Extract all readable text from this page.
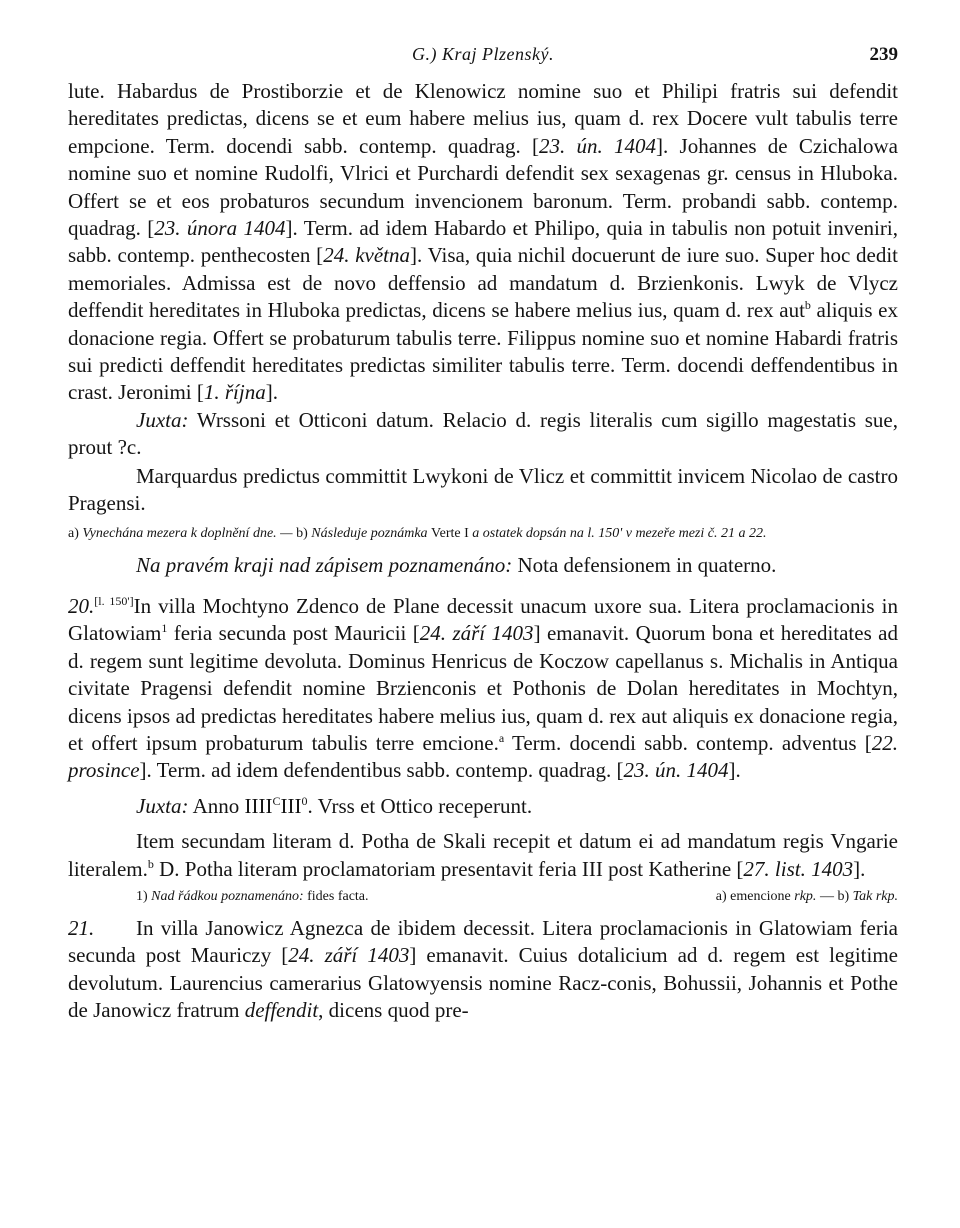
G.) Kraj Plzenský.	239

lute. Habardus de Prostiborzie et de Klenowicz nomine suo et Philipi fratris sui defendit hereditates predictas, dicens se et eum habere melius ius, quam d. rex Docere vult tabulis terre empcione. Term. docendi sabb. contemp. quadrag. [23. ún. 1404]. Johannes de Czichalowa nomine suo et nomine Rudolfi, Vlrici et Purchardi defendit sex sexagenas gr. census in Hluboka. Offert se et eos probaturos secundum invencionem baronum. Term. probandi sabb. contemp. quadrag. [23. února 1404]. Term. ad idem Habardo et Philipo, quia in tabulis non potuit inveniri, sabb. contemp. penthecosten [24. května]. Visa, quia nichil docuerunt de iure suo. Super hoc dedit memoriales. Admissa est de novo deffensio ad mandatum d. Brzienkonis. Lwyk de Vlycz deffendit hereditates in Hluboka predictas, dicens se habere melius ius, quam d. rex aut$^b$ aliquis ex donacione regia. Offert se probaturum tabulis terre. Filippus nomine suo et nomine Habardi fratris sui predicti deffendit hereditates predictas similiter tabulis terre. Term. docendi deffendentibus in crast. Jeronimi [1. října].

Juxta: Wrssoni et Otticoni datum. Relacio d. regis literalis cum sigillo magestatis sue, prout ?c.

Marquardus predictus committit Lwykoni de Vlicz et committit invicem Nicolao de castro Pragensi.

a) Vynechána mezera k doplnění dne. — b) Následuje poznámka Verte I a ostatek dopsán na l. 150' v mezeře mezi č. 21 a 22.

Na pravém kraji nad zápisem poznamenáno: Nota defensionem in quaterno.

20.[l. 150']In villa Mochtyno Zdenco de Plane decessit unacum uxore sua. Litera proclamacionis in Glatowiam$^1$ feria secunda post Mauricii [24. září 1403] emanavit. Quorum bona et hereditates ad d. regem sunt legitime devoluta. Dominus Henricus de Koczow capellanus s. Michalis in Antiqua civitate Pragensi defendit nomine Brzienconis et Pothonis de Dolan hereditates in Mochtyn, dicens ipsos ad predictas hereditates habere melius ius, quam d. rex aut aliquis ex donacione regia, et offert ipsum probaturum tabulis terre emcione.$^a$ Term. docendi sabb. contemp. adventus [22. prosince]. Term. ad idem defendentibus sabb. contemp. quadrag. [23. ún. 1404].

Juxta: Anno $IIII^CIII^0$. Vrss et Ottico receperunt.

Item secundam literam d. Potha de Skali recepit et datum ei ad mandatum regis Vngarie literalem.$^b$ D. Potha literam proclamatoriam presentavit feria III post Katherine [27. list. 1403].

1) Nad řádkou poznamenáno: fides facta.	a) emencione rkp. — b) Tak rkp.

21. In villa Janowicz Agnezca de ibidem decessit. Litera proclamacionis in Glatowiam feria secunda post Mauriczy [24. září 1403] emanavit. Cuius dotalicium ad d. regem est legitime devolutum. Laurencius camerarius Glatowyensis nomine Racz-conis, Bohussii, Johannis et Pothe de Janowicz fratrum deffendit, dicens quod pre-
